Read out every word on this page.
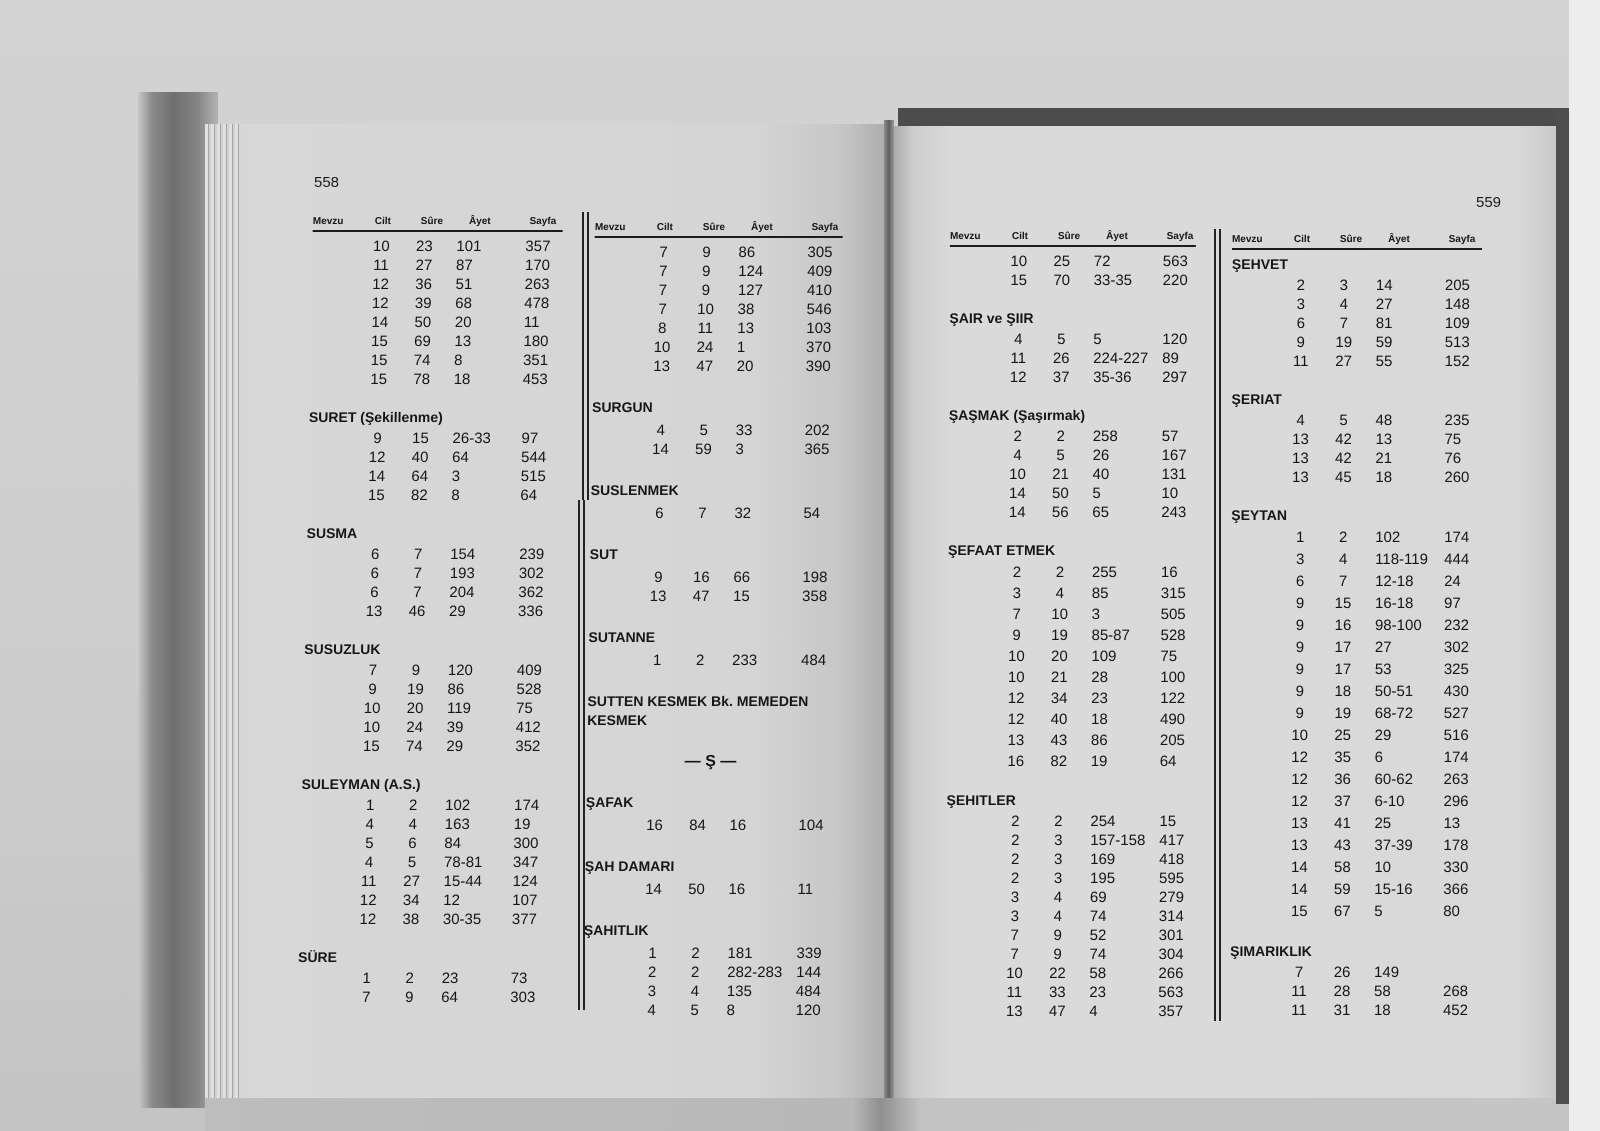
558
559
Mevzu	Cilt	Sûre	Âyet	Sayfa
10	23	101	357
11	27	87	170
12	36	51	263
12	39	68	478
14	50	20	11
15	69	13	180
15	74	8	351
15	78	18	453
SURET (Şekillenme)
9	15	26-33 97
12	40	64	544
14	64	3	515
15	82	8	64
SUSMA
6	7	154	239
6	7	193	302
6	7	204	362
13	46	29	336
SUSUZLUK
7	9	120	409
9	19	86	528
10	20	119	75
10	24	39	412
15	74	29	352
SULEYMAN (A.S.)
1	2	102	174
4	4	163	19
5	6	84	300
4	5	78-81 347
11	27	15-44 124
12	34	12	107
12	38	30-35 377
SÜRE
1	2	23	73
7	9	64	303
Mevzu	Cilt	Sûre	Âyet	Sayfa
7	9	86	305
7	9	124	409
7	9	127	410
7	10	38	546
8	11	13	103
10	24	1	370
13	47	20	390
SURGUN
4	5	33	202
14	59	3	365
SUSLENMEK
6	7	32	54
SUT
9	16	66	198
13	47	15	358
SUTANNE
1	2	233	484
SUTTEN KESMEK Bk. MEMEDEN
KESMEK
— Ş —
ŞAFAK
16	84	16	104
ŞAH DAMARI
14	50	16	11
ŞAHITLIK
1	2	181	339
2	2	282-283 144
3	4	135	484
4	5	8	120
Mevzu	Cilt	Sûre	Âyet	Sayfa
10	25	72	563
15	70	33-35 220
ŞAIR ve ŞIIR
4	5	5	120
11	26	224-227 89
12	37	35-36 297
ŞAŞMAK (Şaşırmak)
2	2	258	57
4	5	26	167
10	21	40	131
14	50	5	10
14	56	65	243
ŞEFAAT ETMEK
2	2	255	16
3	4	85	315
7	10	3	505
9	19	85-87 528
10	20	109	75
10	21	28	100
12	34	23	122
12	40	18	490
13	43	86	205
16	82	19	64
ŞEHITLER
2	2	254	15
2	3	157-158 417
2	3	169	418
2	3	195	595
3	4	69	279
3	4	74	314
7	9	52	301
7	9	74	304
10	22	58	266
11	33	23	563
13	47	4	357
Mevzu	Cilt	Sûre	Âyet	Sayfa
ŞEHVET
2	3	14	205
3	4	27	148
6	7	81	109
9	19	59	513
11	27	55	152
ŞERIAT
4	5	48	235
13	42	13	75
13	42	21	76
13	45	18	260
ŞEYTAN
1	2	102	174
3	4	118-119 444
6	7	12-18 24
9	15	16-18 97
9	16	98-100 232
9	17	27	302
9	17	53	325
9	18	50-51 430
9	19	68-72 527
10	25	29	516
12	35	6	174
12	36	60-62 263
12	37	6-10	296
13	41	25	13
13	43	37-39 178
14	58	10	330
14	59	15-16 366
15	67	5	80
ŞIMARIKLIK
7	26	149
11	28	58	268
11	31	18	452
